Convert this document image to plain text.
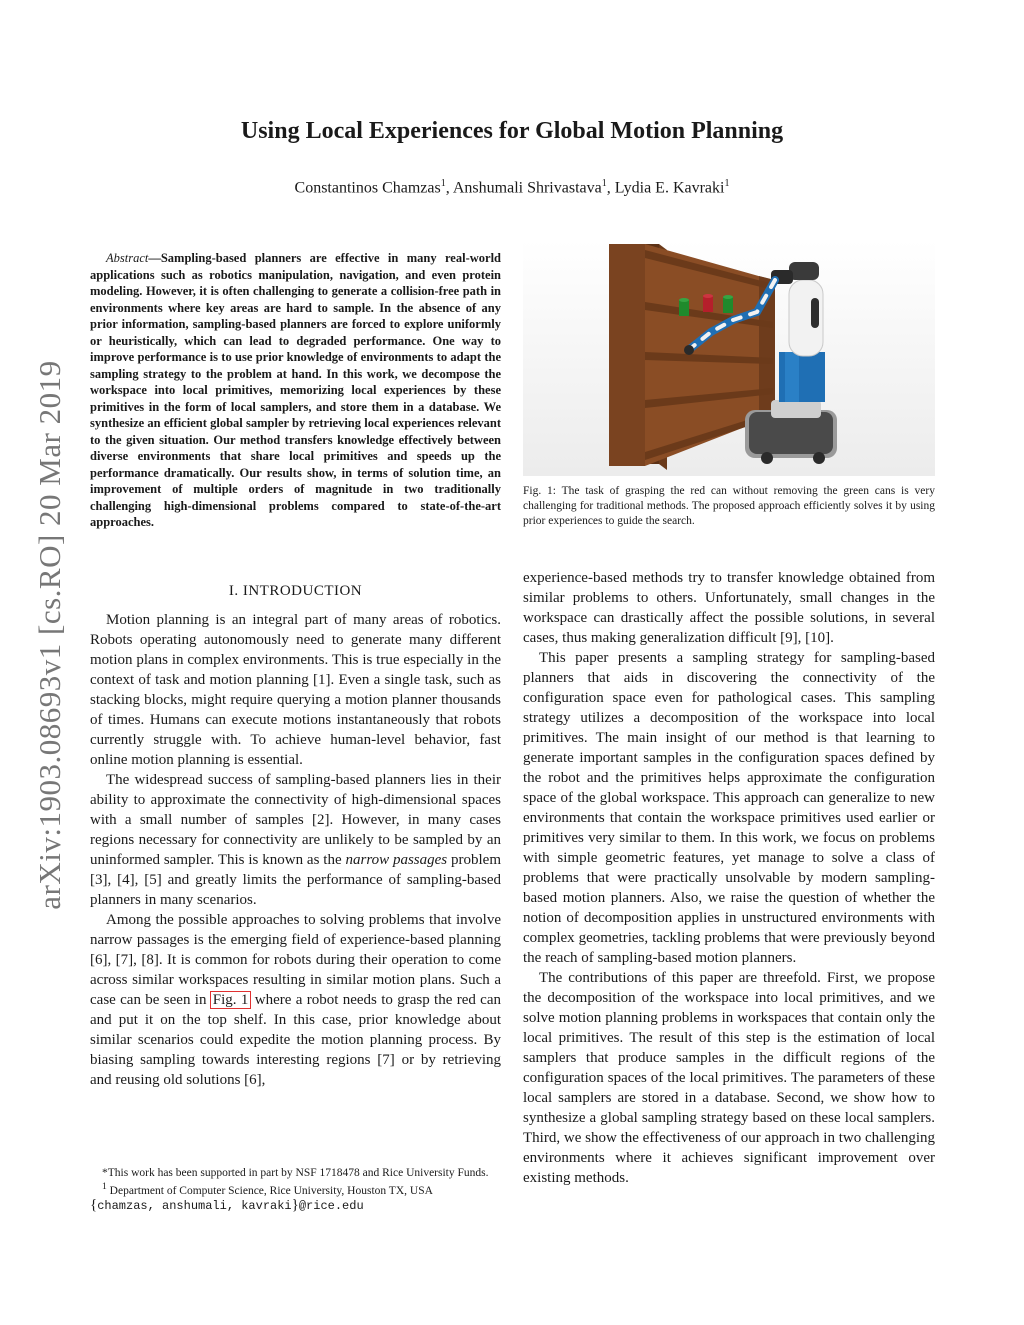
arXiv:1903.08693v1 [cs.RO] 20 Mar 2019
Using Local Experiences for Global Motion Planning
Constantinos Chamzas$^1$, Anshumali Shrivastava$^1$, Lydia E. Kavraki$^1$
Abstract—Sampling-based planners are effective in many real-world applications such as robotics manipulation, navigation, and even protein modeling. However, it is often challenging to generate a collision-free path in environments where key areas are hard to sample. In the absence of any prior information, sampling-based planners are forced to explore uniformly or heuristically, which can lead to degraded performance. One way to improve performance is to use prior knowledge of environments to adapt the sampling strategy to the problem at hand. In this work, we decompose the workspace into local primitives, memorizing local experiences by these primitives in the form of local samplers, and store them in a database. We synthesize an efficient global sampler by retrieving local experiences relevant to the given situation. Our method transfers knowledge effectively between diverse environments that share local primitives and speeds up the performance dramatically. Our results show, in terms of solution time, an improvement of multiple orders of magnitude in two traditionally challenging high-dimensional problems compared to state-of-the-art approaches.
I. INTRODUCTION

Motion planning is an integral part of many areas of robotics. Robots operating autonomously need to generate many different motion plans in complex environments. This is true especially in the context of task and motion planning [1]. Even a single task, such as stacking blocks, might require querying a motion planner thousands of times. Humans can execute motions instantaneously that robots currently struggle with. To achieve human-level behavior, fast online motion planning is essential.

The widespread success of sampling-based planners lies in their ability to approximate the connectivity of high-dimensional spaces with a small number of samples [2]. However, in many cases regions necessary for connectivity are unlikely to be sampled by an uninformed sampler. This is known as the narrow passages problem [3], [4], [5] and greatly limits the performance of sampling-based planners in many scenarios.

Among the possible approaches to solving problems that involve narrow passages is the emerging field of experience-based planning [6], [7], [8]. It is common for robots during their operation to come across similar workspaces resulting in similar motion plans. Such a case can be seen in Fig. 1 where a robot needs to grasp the red can and put it on the top shelf. In this case, prior knowledge about similar scenarios could expedite the motion planning process. By biasing sampling towards interesting regions [7] or by retrieving and reusing old solutions [6],

*This work has been supported in part by NSF 1718478 and Rice University Funds.
$^1$ Department of Computer Science, Rice University, Houston TX, USA
{chamzas, anshumali, kavraki}@rice.edu
Fig. 1: The task of grasping the red can without removing the green cans is very challenging for traditional methods. The proposed approach efficiently solves it by using prior experiences to guide the search.

experience-based methods try to transfer knowledge obtained from similar problems to others. Unfortunately, small changes in the workspace can drastically affect the possible solutions, in several cases, thus making generalization difficult [9], [10].

This paper presents a sampling strategy for sampling-based planners that aids in discovering the connectivity of the configuration space even for pathological cases. This sampling strategy utilizes a decomposition of the workspace into local primitives. The main insight of our method is that learning to generate important samples in the configuration spaces defined by the robot and the primitives helps approximate the configuration space of the global workspace. This approach can generalize to new environments that contain the workspace primitives used earlier or primitives very similar to them. In this work, we focus on problems with simple geometric features, yet manage to solve a class of problems that were practically unsolvable by modern sampling-based motion planners. Also, we raise the question of whether the notion of decomposition applies in unstructured environments with complex geometries, tackling problems that were previously beyond the reach of sampling-based motion planners.

The contributions of this paper are threefold. First, we propose the decomposition of the workspace into local primitives, and we solve motion planning problems in workspaces that contain only the local primitives. The result of this step is the estimation of local samplers that produce samples in the difficult regions of the configuration spaces of the local primitives. The parameters of these local samplers are stored in a database. Second, we show how to synthesize a global sampling strategy based on these local samplers. Third, we show the effectiveness of our approach in two challenging environments where it achieves significant improvement over existing methods.
